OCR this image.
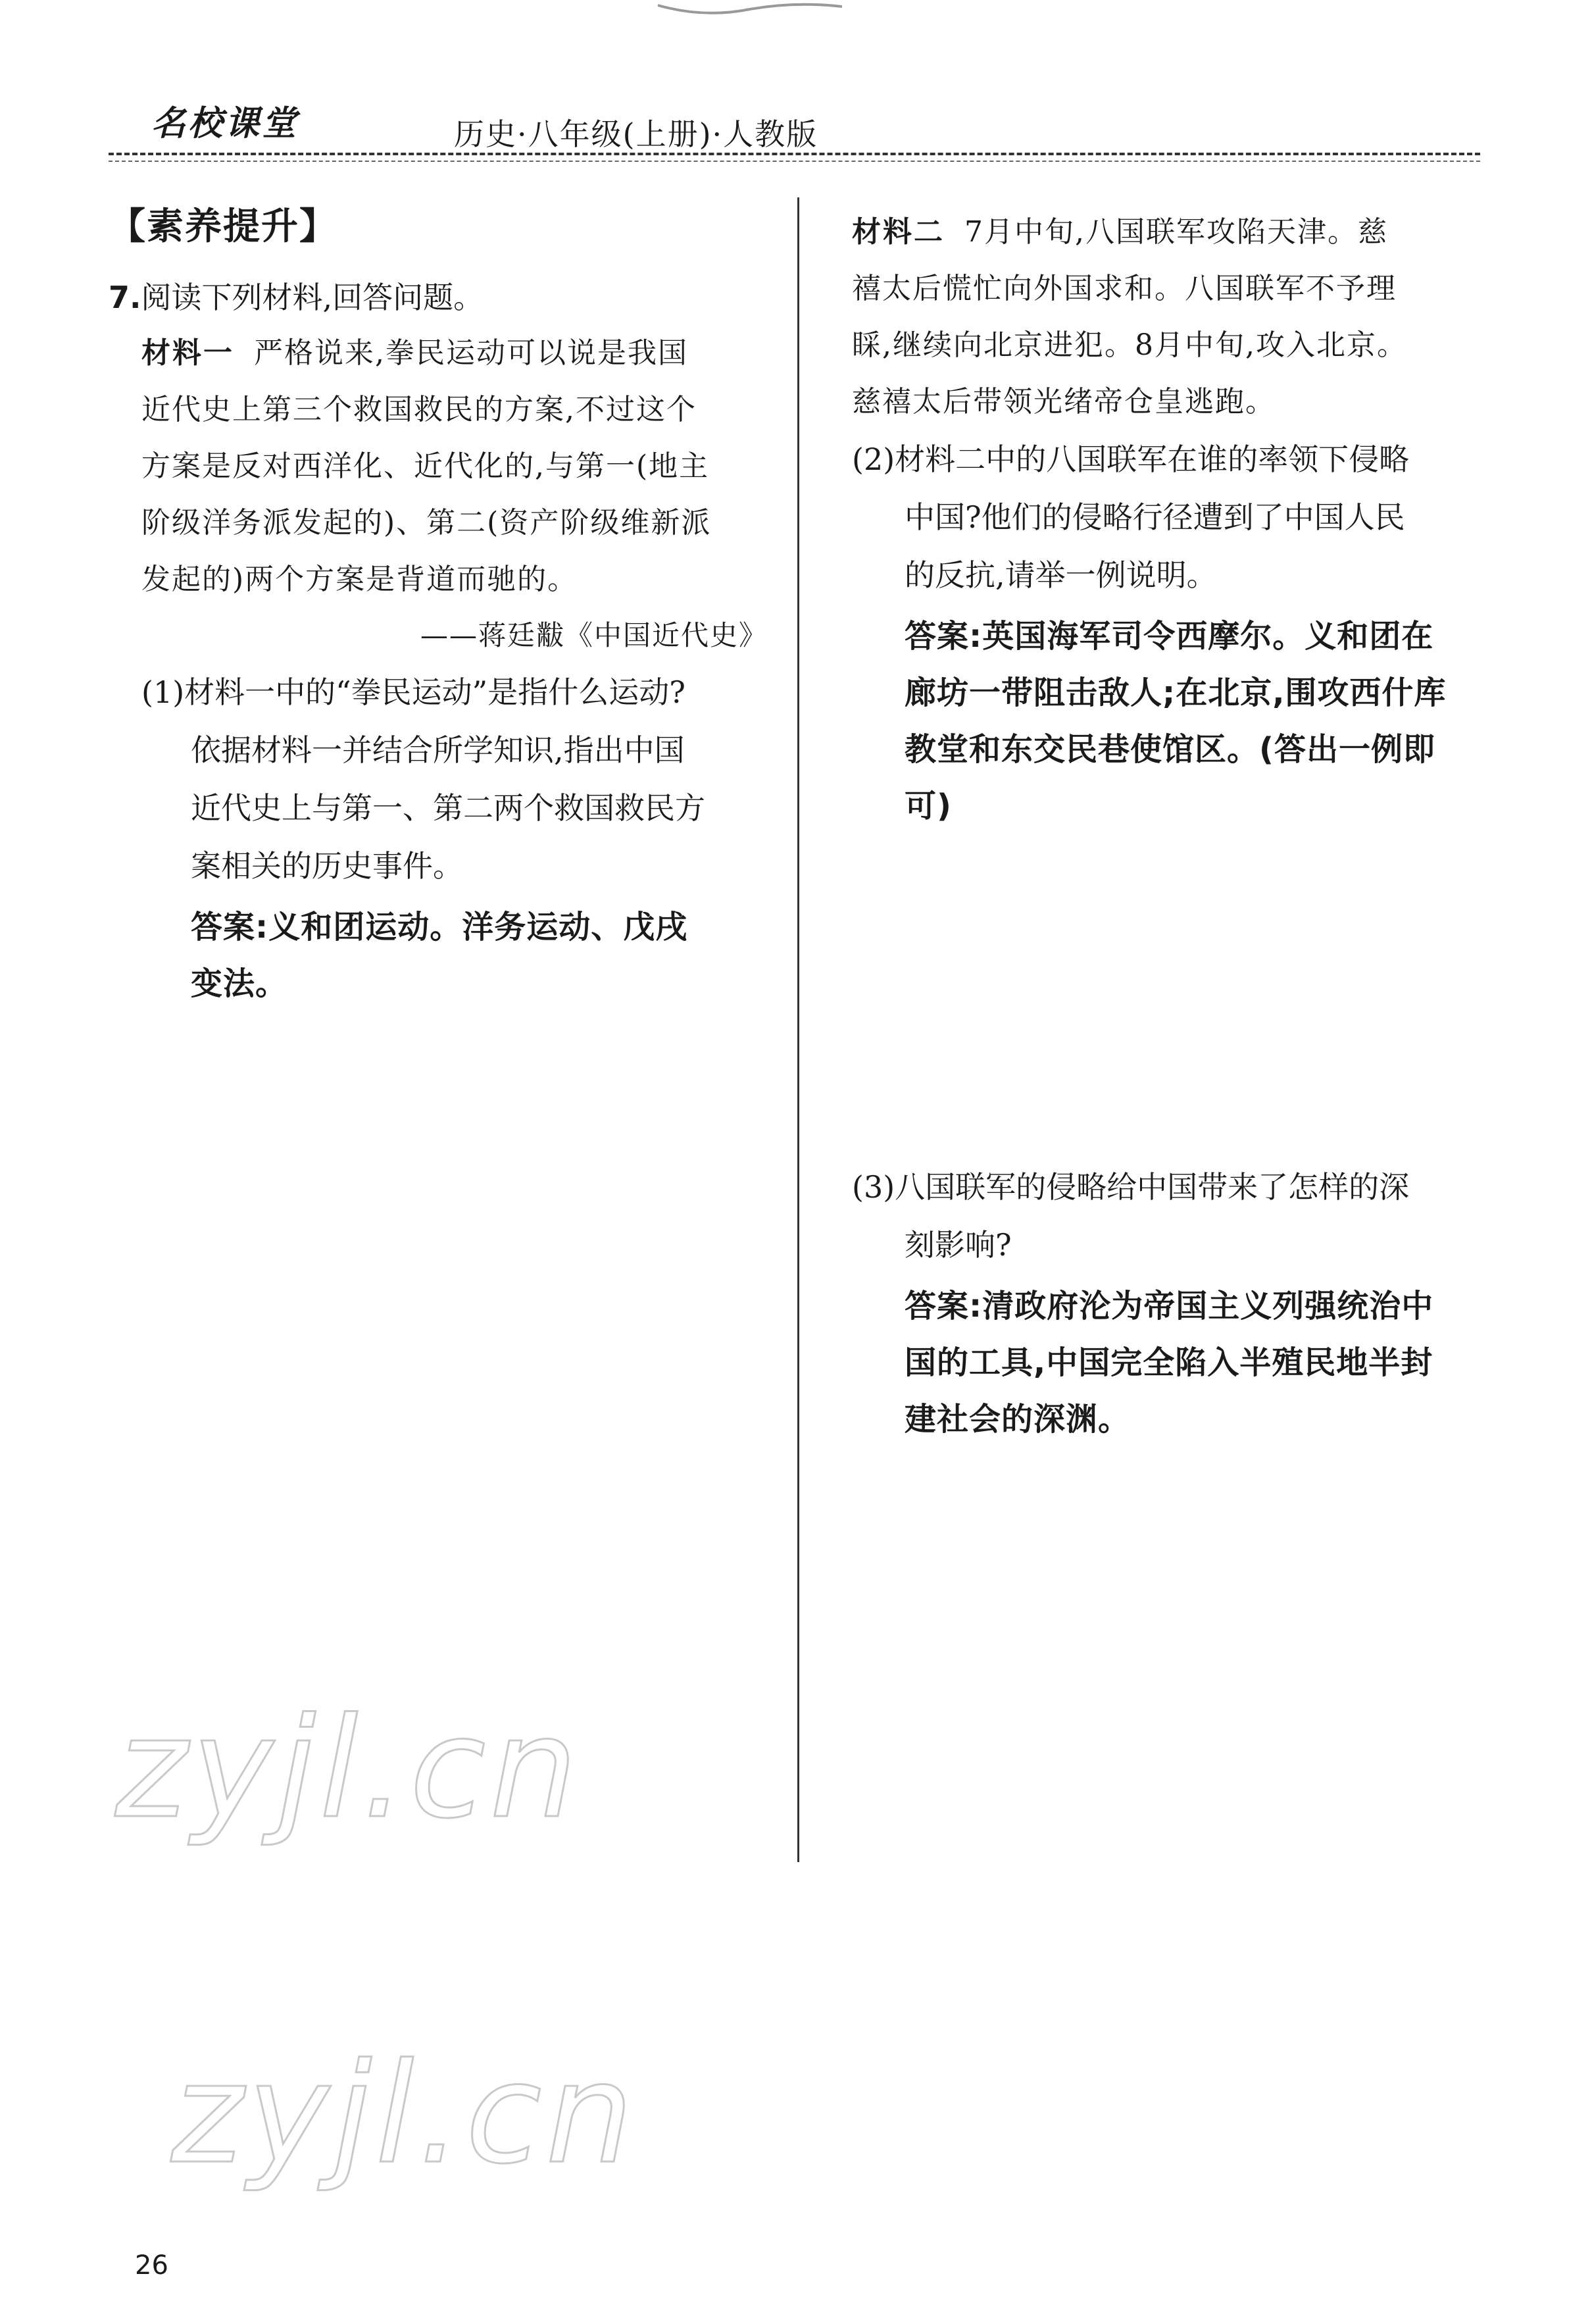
名校课堂	历史·八年级(上册)·人教版
【素养提升】
7.阅读下列材料,回答问题。
材料一 严格说来,拳民运动可以说是我国
近代史上第三个救国救民的方案,不过这个
方案是反对西洋化、近代化的,与第一(地主
阶级洋务派发起的)、第二(资产阶级维新派
发起的)两个方案是背道而驰的。
——蒋廷黻《中国近代史》
(1)材料一中的“拳民运动”是指什么运动?
依据材料一并结合所学知识,指出中国
近代史上与第一、第二两个救国救民方
案相关的历史事件。
答案:义和团运动。洋务运动、戊戌
变法。
材料二 7月中旬,八国联军攻陷天津。慈
禧太后慌忙向外国求和。八国联军不予理
睬,继续向北京进犯。8月中旬,攻入北京。
慈禧太后带领光绪帝仓皇逃跑。
(2)材料二中的八国联军在谁的率领下侵略
中国?他们的侵略行径遭到了中国人民
的反抗,请举一例说明。
答案:英国海军司令西摩尔。义和团在
廊坊一带阻击敌人;在北京,围攻西什库
教堂和东交民巷使馆区。(答出一例即
可)
(3)八国联军的侵略给中国带来了怎样的深
刻影响?
答案:清政府沦为帝国主义列强统治中
国的工具,中国完全陷入半殖民地半封
建社会的深渊。
zyjl.cn
zyjl.cn
26
